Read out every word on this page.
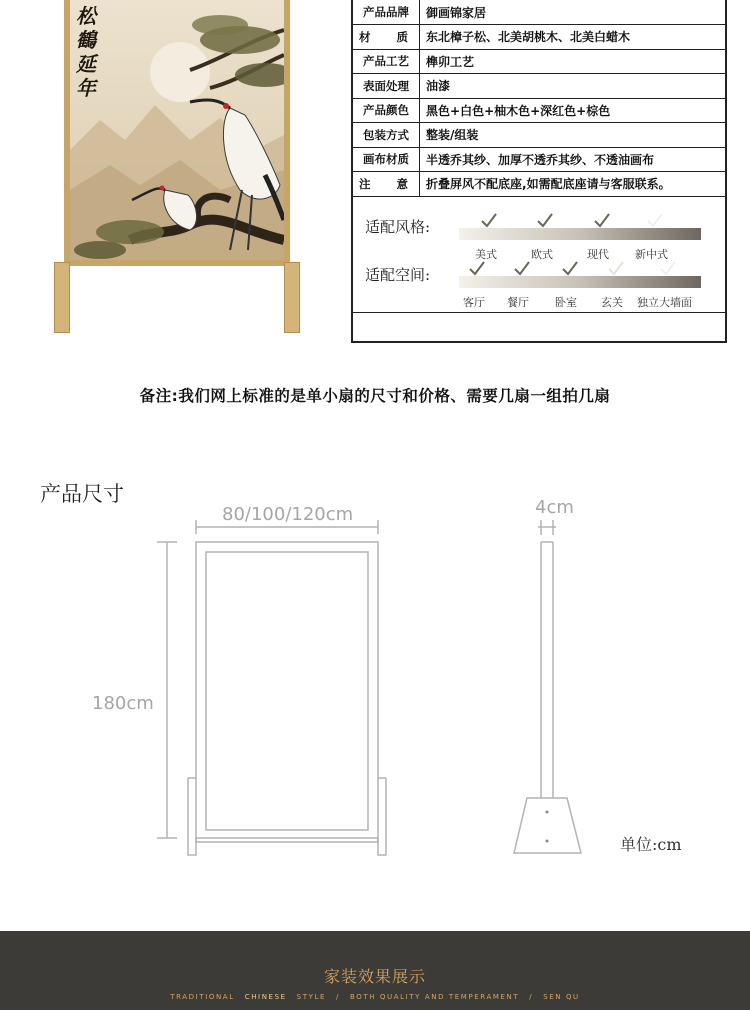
松鶴延年
产品品牌	御画锦家居
材 质	东北樟子松、北美胡桃木、北美白蜡木
产品工艺	榫卯工艺
表面处理	油漆
产品颜色	黑色+白色+柚木色+深红色+棕色
包装方式	整装/组装
画布材质	半透乔其纱、加厚不透乔其纱、不透油画布
注 意	折叠屏风不配底座,如需配底座请与客服联系。
适配风格:
美式	欧式	现代 新中式
适配空间:
客厅 餐厅 卧室 玄关 独立大墙面
备注:我们网上标准的是单小扇的尺寸和价格、需要几扇一组拍几扇
产品尺寸
80/100/120cm
180cm
4cm
单位:cm
家装效果展示
TRADITIONAL CHINESE STYLE / BOTH QUALITY AND TEMPERAMENT / SEN QU
